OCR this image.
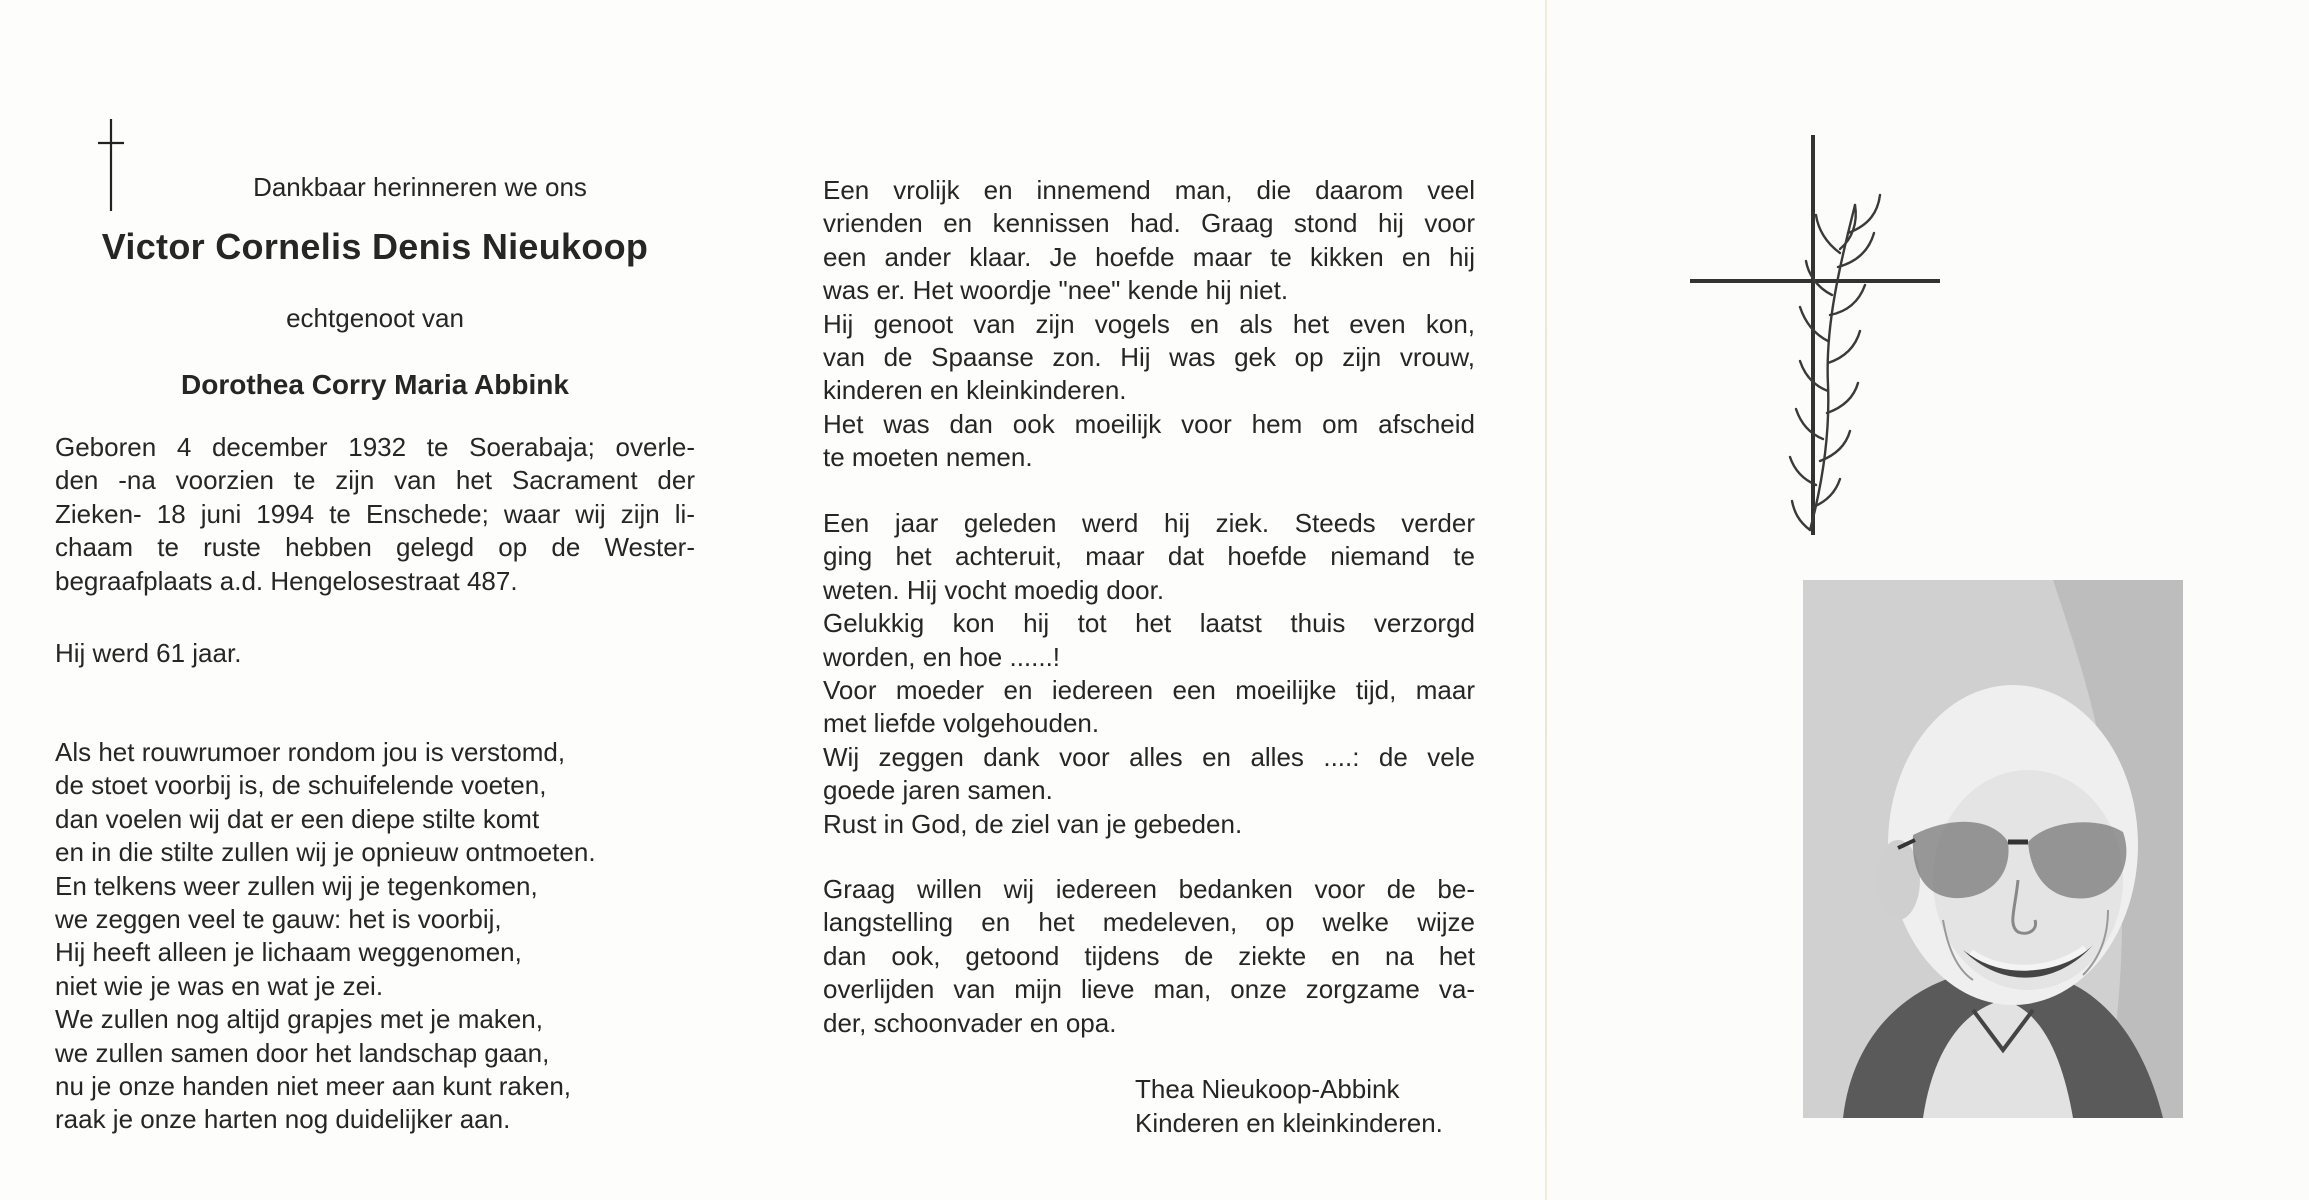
Dankbaar herinneren we ons
Victor Cornelis Denis Nieukoop
echtgenoot van
Dorothea Corry Maria Abbink
Geboren 4 december 1932 te Soerabaja; overle-
den -na voorzien te zijn van het Sacrament der
Zieken- 18 juni 1994 te Enschede; waar wij zijn li-
chaam te ruste hebben gelegd op de Wester-
begraafplaats a.d. Hengelosestraat 487.
Hij werd 61 jaar.
Als het rouwrumoer rondom jou is verstomd,
de stoet voorbij is, de schuifelende voeten,
dan voelen wij dat er een diepe stilte komt
en in die stilte zullen wij je opnieuw ontmoeten.
En telkens weer zullen wij je tegenkomen,
we zeggen veel te gauw: het is voorbij,
Hij heeft alleen je lichaam weggenomen,
niet wie je was en wat je zei.
We zullen nog altijd grapjes met je maken,
we zullen samen door het landschap gaan,
nu je onze handen niet meer aan kunt raken,
raak je onze harten nog duidelijker aan.
Een vrolijk en innemend man, die daarom veel
vrienden en kennissen had. Graag stond hij voor
een ander klaar. Je hoefde maar te kikken en hij
was er. Het woordje "nee" kende hij niet.
Hij genoot van zijn vogels en als het even kon,
van de Spaanse zon. Hij was gek op zijn vrouw,
kinderen en kleinkinderen.
Het was dan ook moeilijk voor hem om afscheid
te moeten nemen.
Een jaar geleden werd hij ziek. Steeds verder
ging het achteruit, maar dat hoefde niemand te
weten. Hij vocht moedig door.
Gelukkig kon hij tot het laatst thuis verzorgd
worden, en hoe ......!
Voor moeder en iedereen een moeilijke tijd, maar
met liefde volgehouden.
Wij zeggen dank voor alles en alles ....: de vele
goede jaren samen.
Rust in God, de ziel van je gebeden.
Graag willen wij iedereen bedanken voor de be-
langstelling en het medeleven, op welke wijze
dan ook, getoond tijdens de ziekte en na het
overlijden van mijn lieve man, onze zorgzame va-
der, schoonvader en opa.
Thea Nieukoop-Abbink
Kinderen en kleinkinderen.
